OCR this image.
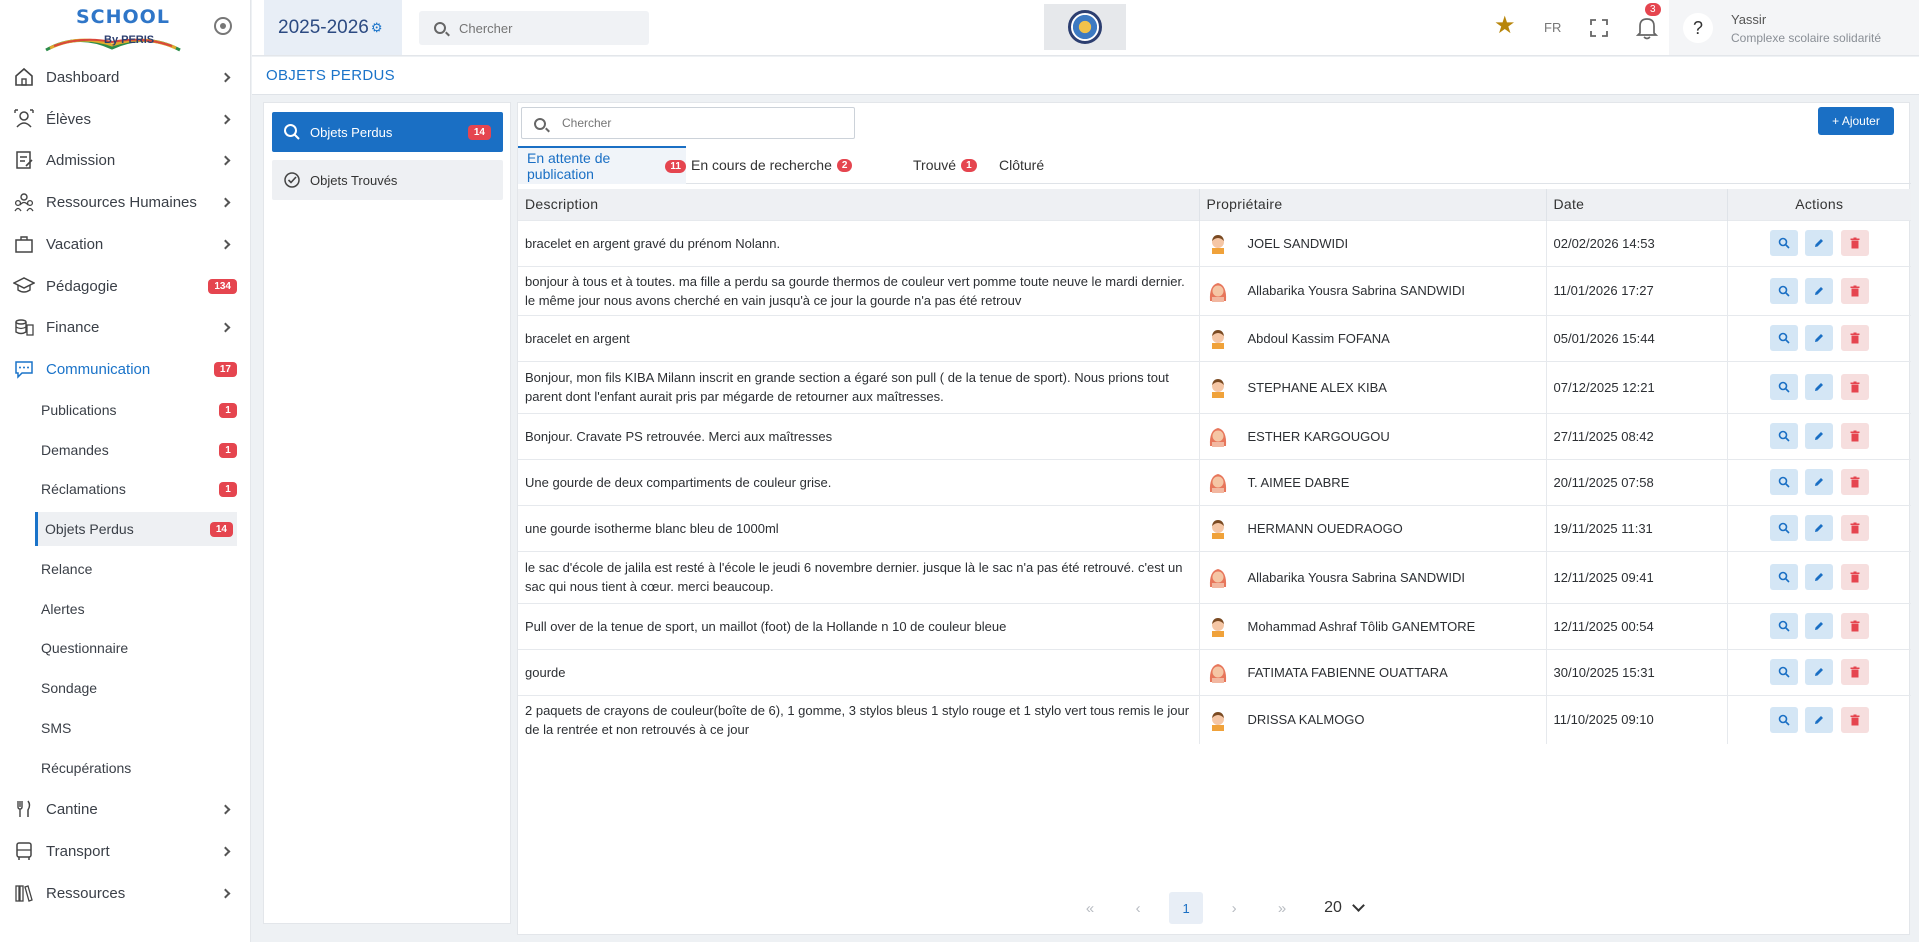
SCHOOL
By PERIS
Dashboard
Élèves
Admission
Ressources Humaines
Vacation
Pédagogie	134
Finance
Communication	17
Publications	1
Demandes	1
Réclamations	1
Objets Perdus	14
Relance
Alertes
Questionnaire
Sondage
SMS
Récupérations
Cantine
Transport
Ressources
2025-2026 ⚙
Chercher	★ FR
3
?	Yassir
Complexe scolaire solidarité
OBJETS PERDUS
Objets Perdus	14
Objets Trouvés
Chercher
+ Ajouter
En attente de publication	11 En cours de recherche	2	Trouvé	1	Clôturé
Description	Propriétaire	Date	Actions
bracelet en argent gravé du prénom Nolann.	JOEL SANDWIDI	02/02/2026 14:53	

bonjour à tous et à toutes. ma fille a perdu sa gourde thermos de couleur vert pomme toute neuve le mardi dernier. le même jour nous avons cherché en vain jusqu'à ce jour la gourde n'a pas été retrouv	Allabarika Yousra Sabrina SANDWIDI	11/01/2026 17:27	

bracelet en argent	Abdoul Kassim FOFANA	05/01/2026 15:44	

Bonjour, mon fils KIBA Milann inscrit en grande section a égaré son pull ( de la tenue de sport). Nous prions tout parent dont l'enfant aurait pris par mégarde de retourner aux maîtresses.	STEPHANE ALEX KIBA	07/12/2025 12:21	

Bonjour. Cravate PS retrouvée. Merci aux maîtresses	ESTHER KARGOUGOU	27/11/2025 08:42	

Une gourde de deux compartiments de couleur grise.	T. AIMEE DABRE	20/11/2025 07:58	

une gourde isotherme blanc bleu de 1000ml	HERMANN OUEDRAOGO	19/11/2025 11:31	

le sac d'école de jalila est resté à l'école le jeudi 6 novembre dernier. jusque là le sac n'a pas été retrouvé. c'est un sac qui nous tient à cœur. merci beaucoup.	Allabarika Yousra Sabrina SANDWIDI	12/11/2025 09:41	

Pull over de la tenue de sport, un maillot (foot) de la Hollande n 10 de couleur bleue	Mohammad Ashraf Tôlib GANEMTORE	12/11/2025 00:54	

gourde	FATIMATA FABIENNE OUATTARA	30/10/2025 15:31	

2 paquets de crayons de couleur(boîte de 6), 1 gomme, 3 stylos bleus 1 stylo rouge et 1 stylo vert tous remis le jour de la rentrée et non retrouvés à ce jour	DRISSA KALMOGO	11/10/2025 09:10	

«	‹	1	›	»	20
